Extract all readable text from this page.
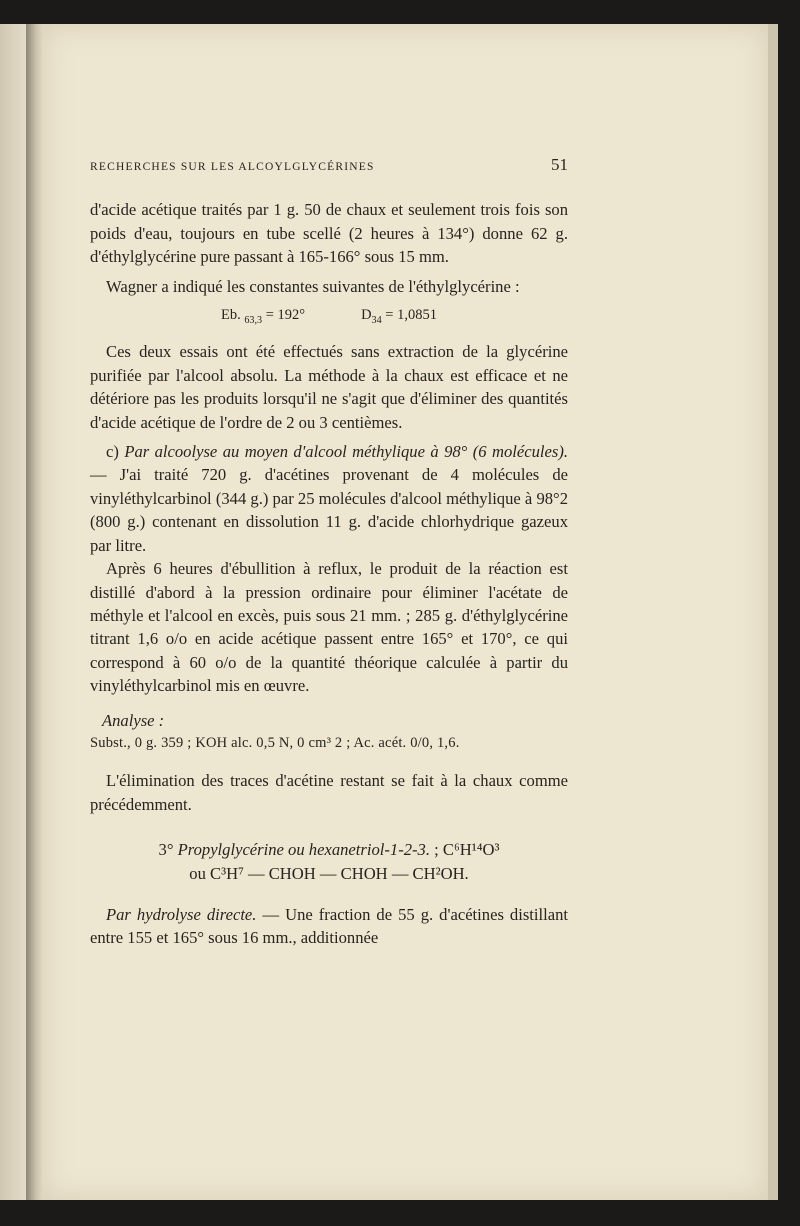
RECHERCHES SUR LES ALCOYLGLYCÉRINES	51

d'acide acétique traités par 1 g. 50 de chaux et seulement trois fois son poids d'eau, toujours en tube scellé (2 heures à 134°) donne 62 g. d'éthylglycérine pure passant à 165-166° sous 15 mm.

Wagner a indiqué les constantes suivantes de l'éthylglycérine :

Eb. $_{63,3}$ = 192°	$D_{34} = 1,0851$

Ces deux essais ont été effectués sans extraction de la glycérine purifiée par l'alcool absolu. La méthode à la chaux est efficace et ne détériore pas les produits lorsqu'il ne s'agit que d'éliminer des quantités d'acide acétique de l'ordre de 2 ou 3 centièmes.

c) Par alcoolyse au moyen d'alcool méthylique à 98° (6 molécules). — J'ai traité 720 g. d'acétines provenant de 4 molécules de vinyléthylcarbinol (344 g.) par 25 molécules d'alcool méthylique à 98°2 (800 g.) contenant en dissolution 11 g. d'acide chlorhydrique gazeux par litre.

Après 6 heures d'ébullition à reflux, le produit de la réaction est distillé d'abord à la pression ordinaire pour éliminer l'acétate de méthyle et l'alcool en excès, puis sous 21 mm. ; 285 g. d'éthylglycérine titrant 1,6 o/o en acide acétique passent entre 165° et 170°, ce qui correspond à 60 o/o de la quantité théorique calculée à partir du vinyléthylcarbinol mis en œuvre.

Analyse :
Subst., 0 g. 359 ; KOH alc. 0,5 N, 0 cm³ 2 ; Ac. acét. 0/0, 1,6.

L'élimination des traces d'acétine restant se fait à la chaux comme précédemment.

3° Propylglycérine ou hexanetriol-1-2-3. ; C⁶H¹⁴O³
ou C³H⁷ — CHOH — CHOH — CH²OH.

Par hydrolyse directe. — Une fraction de 55 g. d'acétines distillant entre 155 et 165° sous 16 mm., additionnée
